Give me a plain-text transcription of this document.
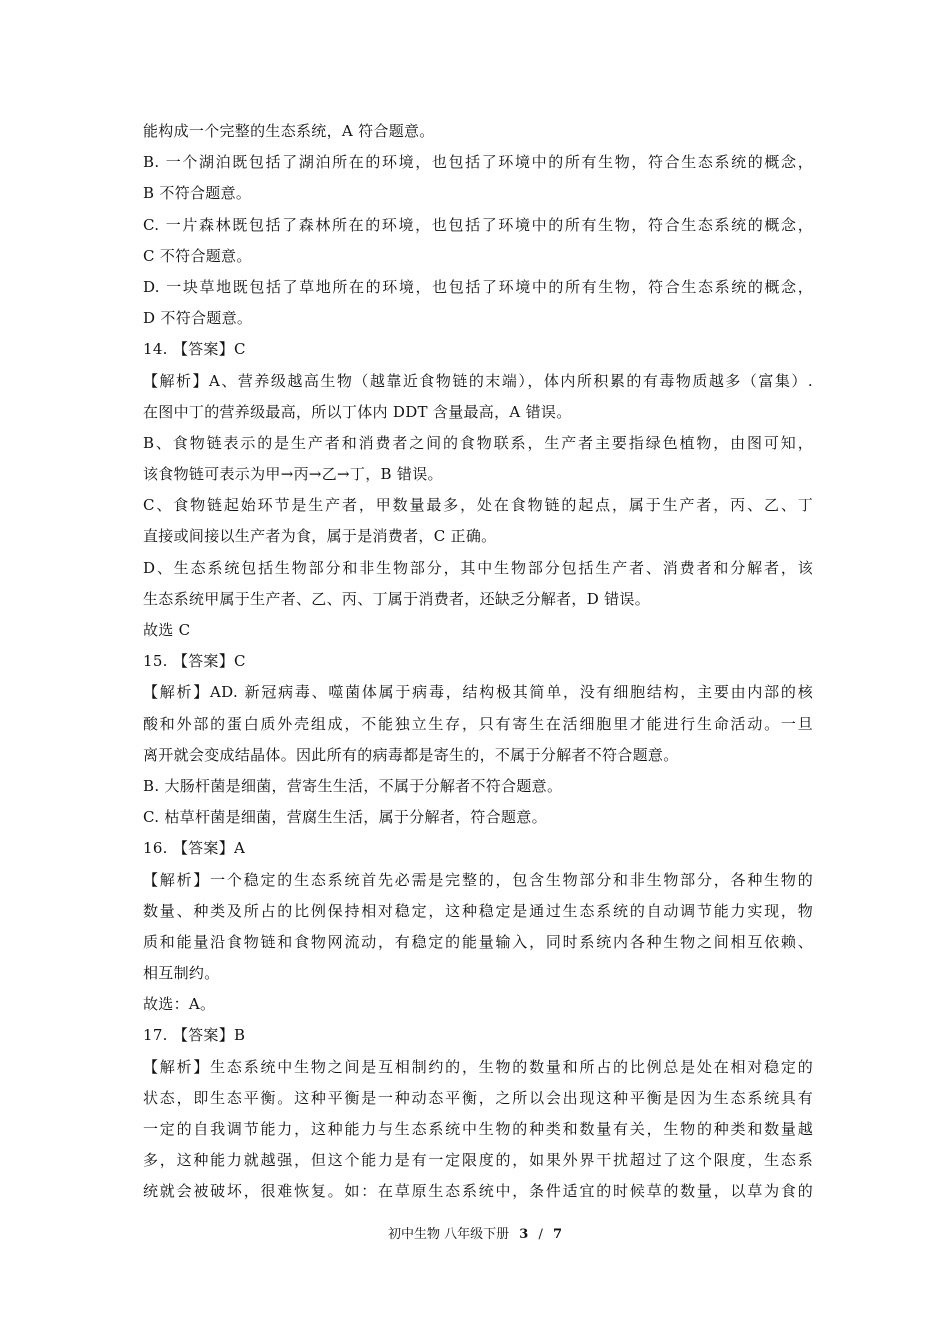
能构成一个完整的生态系统，A 符合题意。
B. 一个湖泊既包括了湖泊所在的环境，也包括了环境中的所有生物，符合生态系统的概念，
B 不符合题意。
C. 一片森林既包括了森林所在的环境，也包括了环境中的所有生物，符合生态系统的概念，
C 不符合题意。
D. 一块草地既包括了草地所在的环境，也包括了环境中的所有生物，符合生态系统的概念，
D 不符合题意。
14. 【答案】C
【解析】A、营养级越高生物（越靠近食物链的末端），体内所积累的有毒物质越多（富集）.
在图中丁的营养级最高，所以丁体内 DDT 含量最高，A 错误。
B、食物链表示的是生产者和消费者之间的食物联系，生产者主要指绿色植物，由图可知，
该食物链可表示为甲→丙→乙→丁，B 错误。
C、食物链起始环节是生产者，甲数量最多，处在食物链的起点，属于生产者，丙、乙、丁
直接或间接以生产者为食，属于是消费者，C 正确。
D、生态系统包括生物部分和非生物部分，其中生物部分包括生产者、消费者和分解者，该
生态系统甲属于生产者、乙、丙、丁属于消费者，还缺乏分解者，D 错误。
故选 C
15. 【答案】C
【解析】AD. 新冠病毒、噬菌体属于病毒，结构极其简单，没有细胞结构，主要由内部的核
酸和外部的蛋白质外壳组成，不能独立生存，只有寄生在活细胞里才能进行生命活动。一旦
离开就会变成结晶体。因此所有的病毒都是寄生的，不属于分解者不符合题意。
B. 大肠杆菌是细菌，营寄生生活，不属于分解者不符合题意。
C. 枯草杆菌是细菌，营腐生生活，属于分解者，符合题意。
16. 【答案】A
【解析】一个稳定的生态系统首先必需是完整的，包含生物部分和非生物部分，各种生物的
数量、种类及所占的比例保持相对稳定，这种稳定是通过生态系统的自动调节能力实现，物
质和能量沿食物链和食物网流动，有稳定的能量输入，同时系统内各种生物之间相互依赖、
相互制约。
故选：A。
17. 【答案】B
【解析】生态系统中生物之间是互相制约的，生物的数量和所占的比例总是处在相对稳定的
状态，即生态平衡。这种平衡是一种动态平衡，之所以会出现这种平衡是因为生态系统具有
一定的自我调节能力，这种能力与生态系统中生物的种类和数量有关，生物的种类和数量越
多，这种能力就越强，但这个能力是有一定限度的，如果外界干扰超过了这个限度，生态系
统就会被破坏，很难恢复。如：在草原生态系统中，条件适宜的时候草的数量，以草为食的
初中生物 八年级下册 3 / 7
